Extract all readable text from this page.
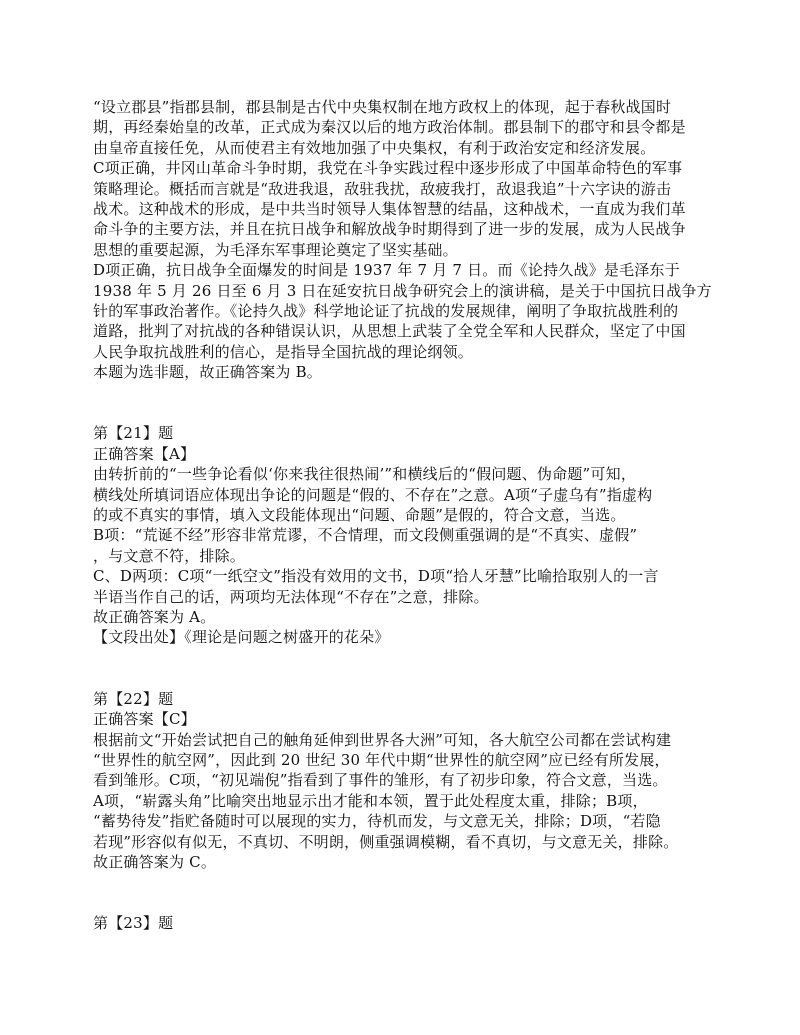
“设立郡县”指郡县制，郡县制是古代中央集权制在地方政权上的体现，起于春秋战国时
期，再经秦始皇的改革，正式成为秦汉以后的地方政治体制。郡县制下的郡守和县令都是
由皇帝直接任免，从而使君主有效地加强了中央集权，有利于政治安定和经济发展。
C项正确，井冈山革命斗争时期，我党在斗争实践过程中逐步形成了中国革命特色的军事
策略理论。概括而言就是“敌进我退，敌驻我扰，敌疲我打，敌退我追”十六字诀的游击
战术。这种战术的形成，是中共当时领导人集体智慧的结晶，这种战术，一直成为我们革
命斗争的主要方法，并且在抗日战争和解放战争时期得到了进一步的发展，成为人民战争
思想的重要起源，为毛泽东军事理论奠定了坚实基础。
D项正确，抗日战争全面爆发的时间是 1937 年 7 月 7 日。而《论持久战》是毛泽东于
1938 年 5 月 26 日至 6 月 3 日在延安抗日战争研究会上的演讲稿，是关于中国抗日战争方
针的军事政治著作。《论持久战》科学地论证了抗战的发展规律，阐明了争取抗战胜利的
道路，批判了对抗战的各种错误认识，从思想上武装了全党全军和人民群众，坚定了中国
人民争取抗战胜利的信心，是指导全国抗战的理论纲领。
本题为选非题，故正确答案为 B。
第【21】题
正确答案【A】
由转折前的“一些争论看似‘你来我往很热闹’”和横线后的“假问题、伪命题”可知，
横线处所填词语应体现出争论的问题是“假的、不存在”之意。A项“子虚乌有”指虚构
的或不真实的事情，填入文段能体现出“问题、命题”是假的，符合文意，当选。
B项：“荒诞不经”形容非常荒谬，不合情理，而文段侧重强调的是“不真实、虚假”
，与文意不符，排除。
C、D两项：C项“一纸空文”指没有效用的文书，D项“拾人牙慧”比喻拾取别人的一言
半语当作自己的话，两项均无法体现“不存在”之意，排除。
故正确答案为 A。
【文段出处】《理论是问题之树盛开的花朵》
第【22】题
正确答案【C】
根据前文“开始尝试把自己的触角延伸到世界各大洲”可知，各大航空公司都在尝试构建
“世界性的航空网”，因此到 20 世纪 30 年代中期“世界性的航空网”应已经有所发展，
看到雏形。C项，“初见端倪”指看到了事件的雏形，有了初步印象，符合文意，当选。
A项，“崭露头角”比喻突出地显示出才能和本领，置于此处程度太重，排除；B项，
“蓄势待发”指贮备随时可以展现的实力，待机而发，与文意无关，排除；D项，“若隐
若现”形容似有似无，不真切、不明朗，侧重强调模糊，看不真切，与文意无关，排除。
故正确答案为 C。
第【23】题
